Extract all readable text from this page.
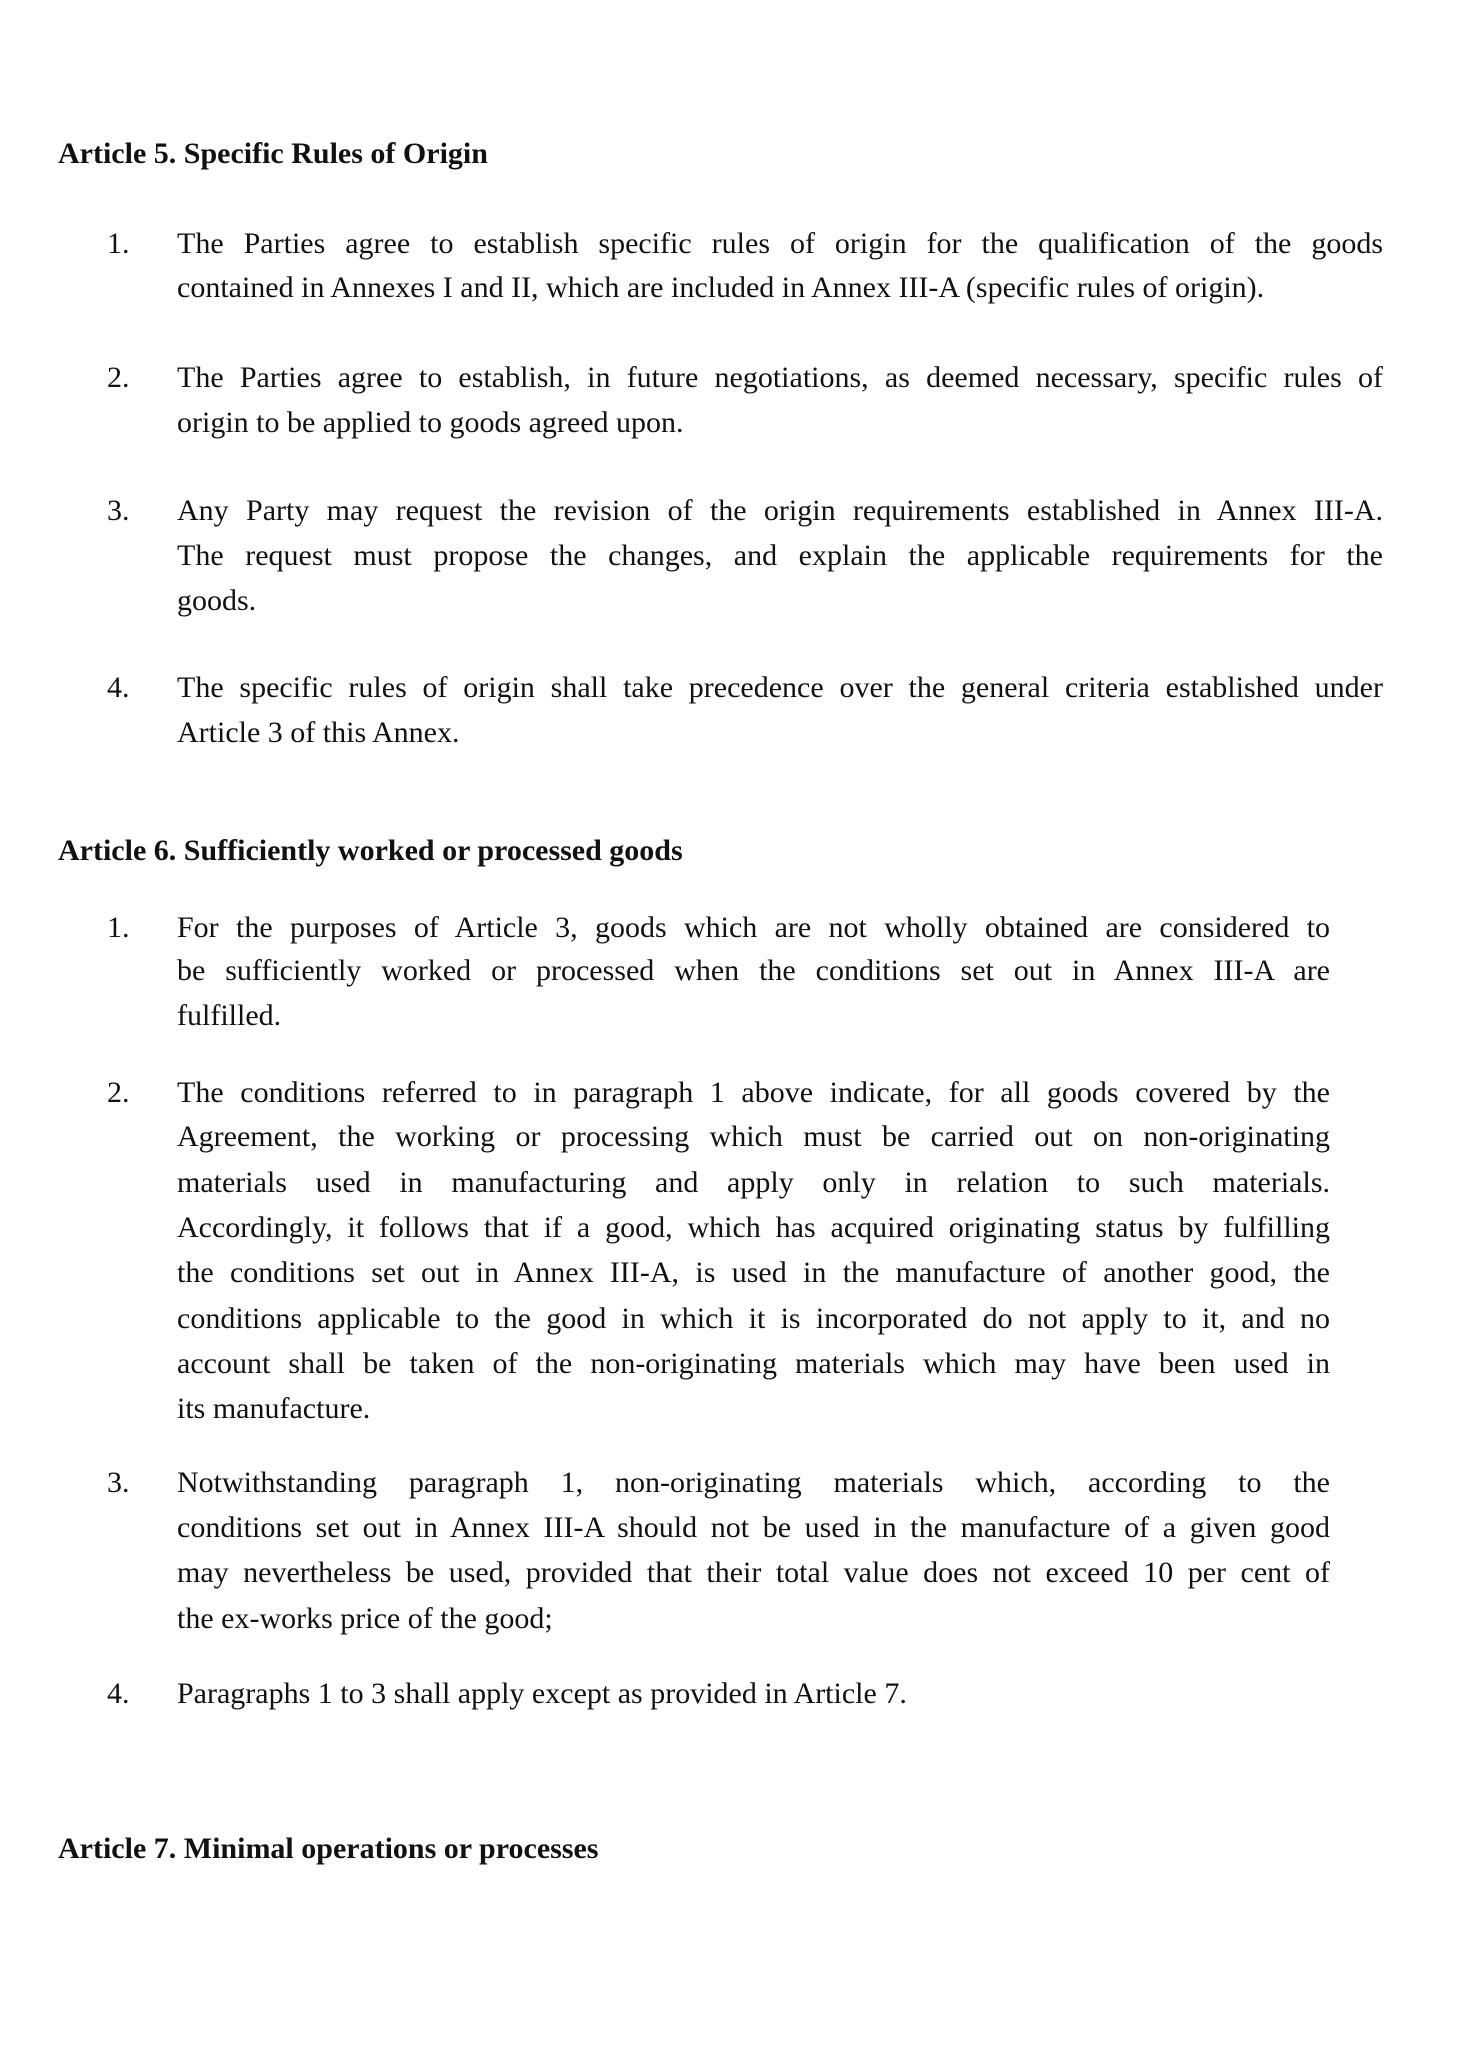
Article 5. Specific Rules of Origin
1. The Parties agree to establish specific rules of origin for the qualification of the goods
contained in Annexes I and II, which are included in Annex III-A (specific rules of origin).
2. The Parties agree to establish, in future negotiations, as deemed necessary, specific rules of
origin to be applied to goods agreed upon.
3. Any Party may request the revision of the origin requirements established in Annex III-A.
The request must propose the changes, and explain the applicable requirements for the
goods.
4. The specific rules of origin shall take precedence over the general criteria established under
Article 3 of this Annex.
Article 6. Sufficiently worked or processed goods
1. For the purposes of Article 3, goods which are not wholly obtained are considered to
be sufficiently worked or processed when the conditions set out in Annex III-A are
fulfilled.
2. The conditions referred to in paragraph 1 above indicate, for all goods covered by the
Agreement, the working or processing which must be carried out on non-originating
materials used in manufacturing and apply only in relation to such materials.
Accordingly, it follows that if a good, which has acquired originating status by fulfilling
the conditions set out in Annex III-A, is used in the manufacture of another good, the
conditions applicable to the good in which it is incorporated do not apply to it, and no
account shall be taken of the non-originating materials which may have been used in
its manufacture.
3. Notwithstanding paragraph 1, non-originating materials which, according to the
conditions set out in Annex III-A should not be used in the manufacture of a given good
may nevertheless be used, provided that their total value does not exceed 10 per cent of
the ex-works price of the good;
4. Paragraphs 1 to 3 shall apply except as provided in Article 7.
Article 7. Minimal operations or processes
